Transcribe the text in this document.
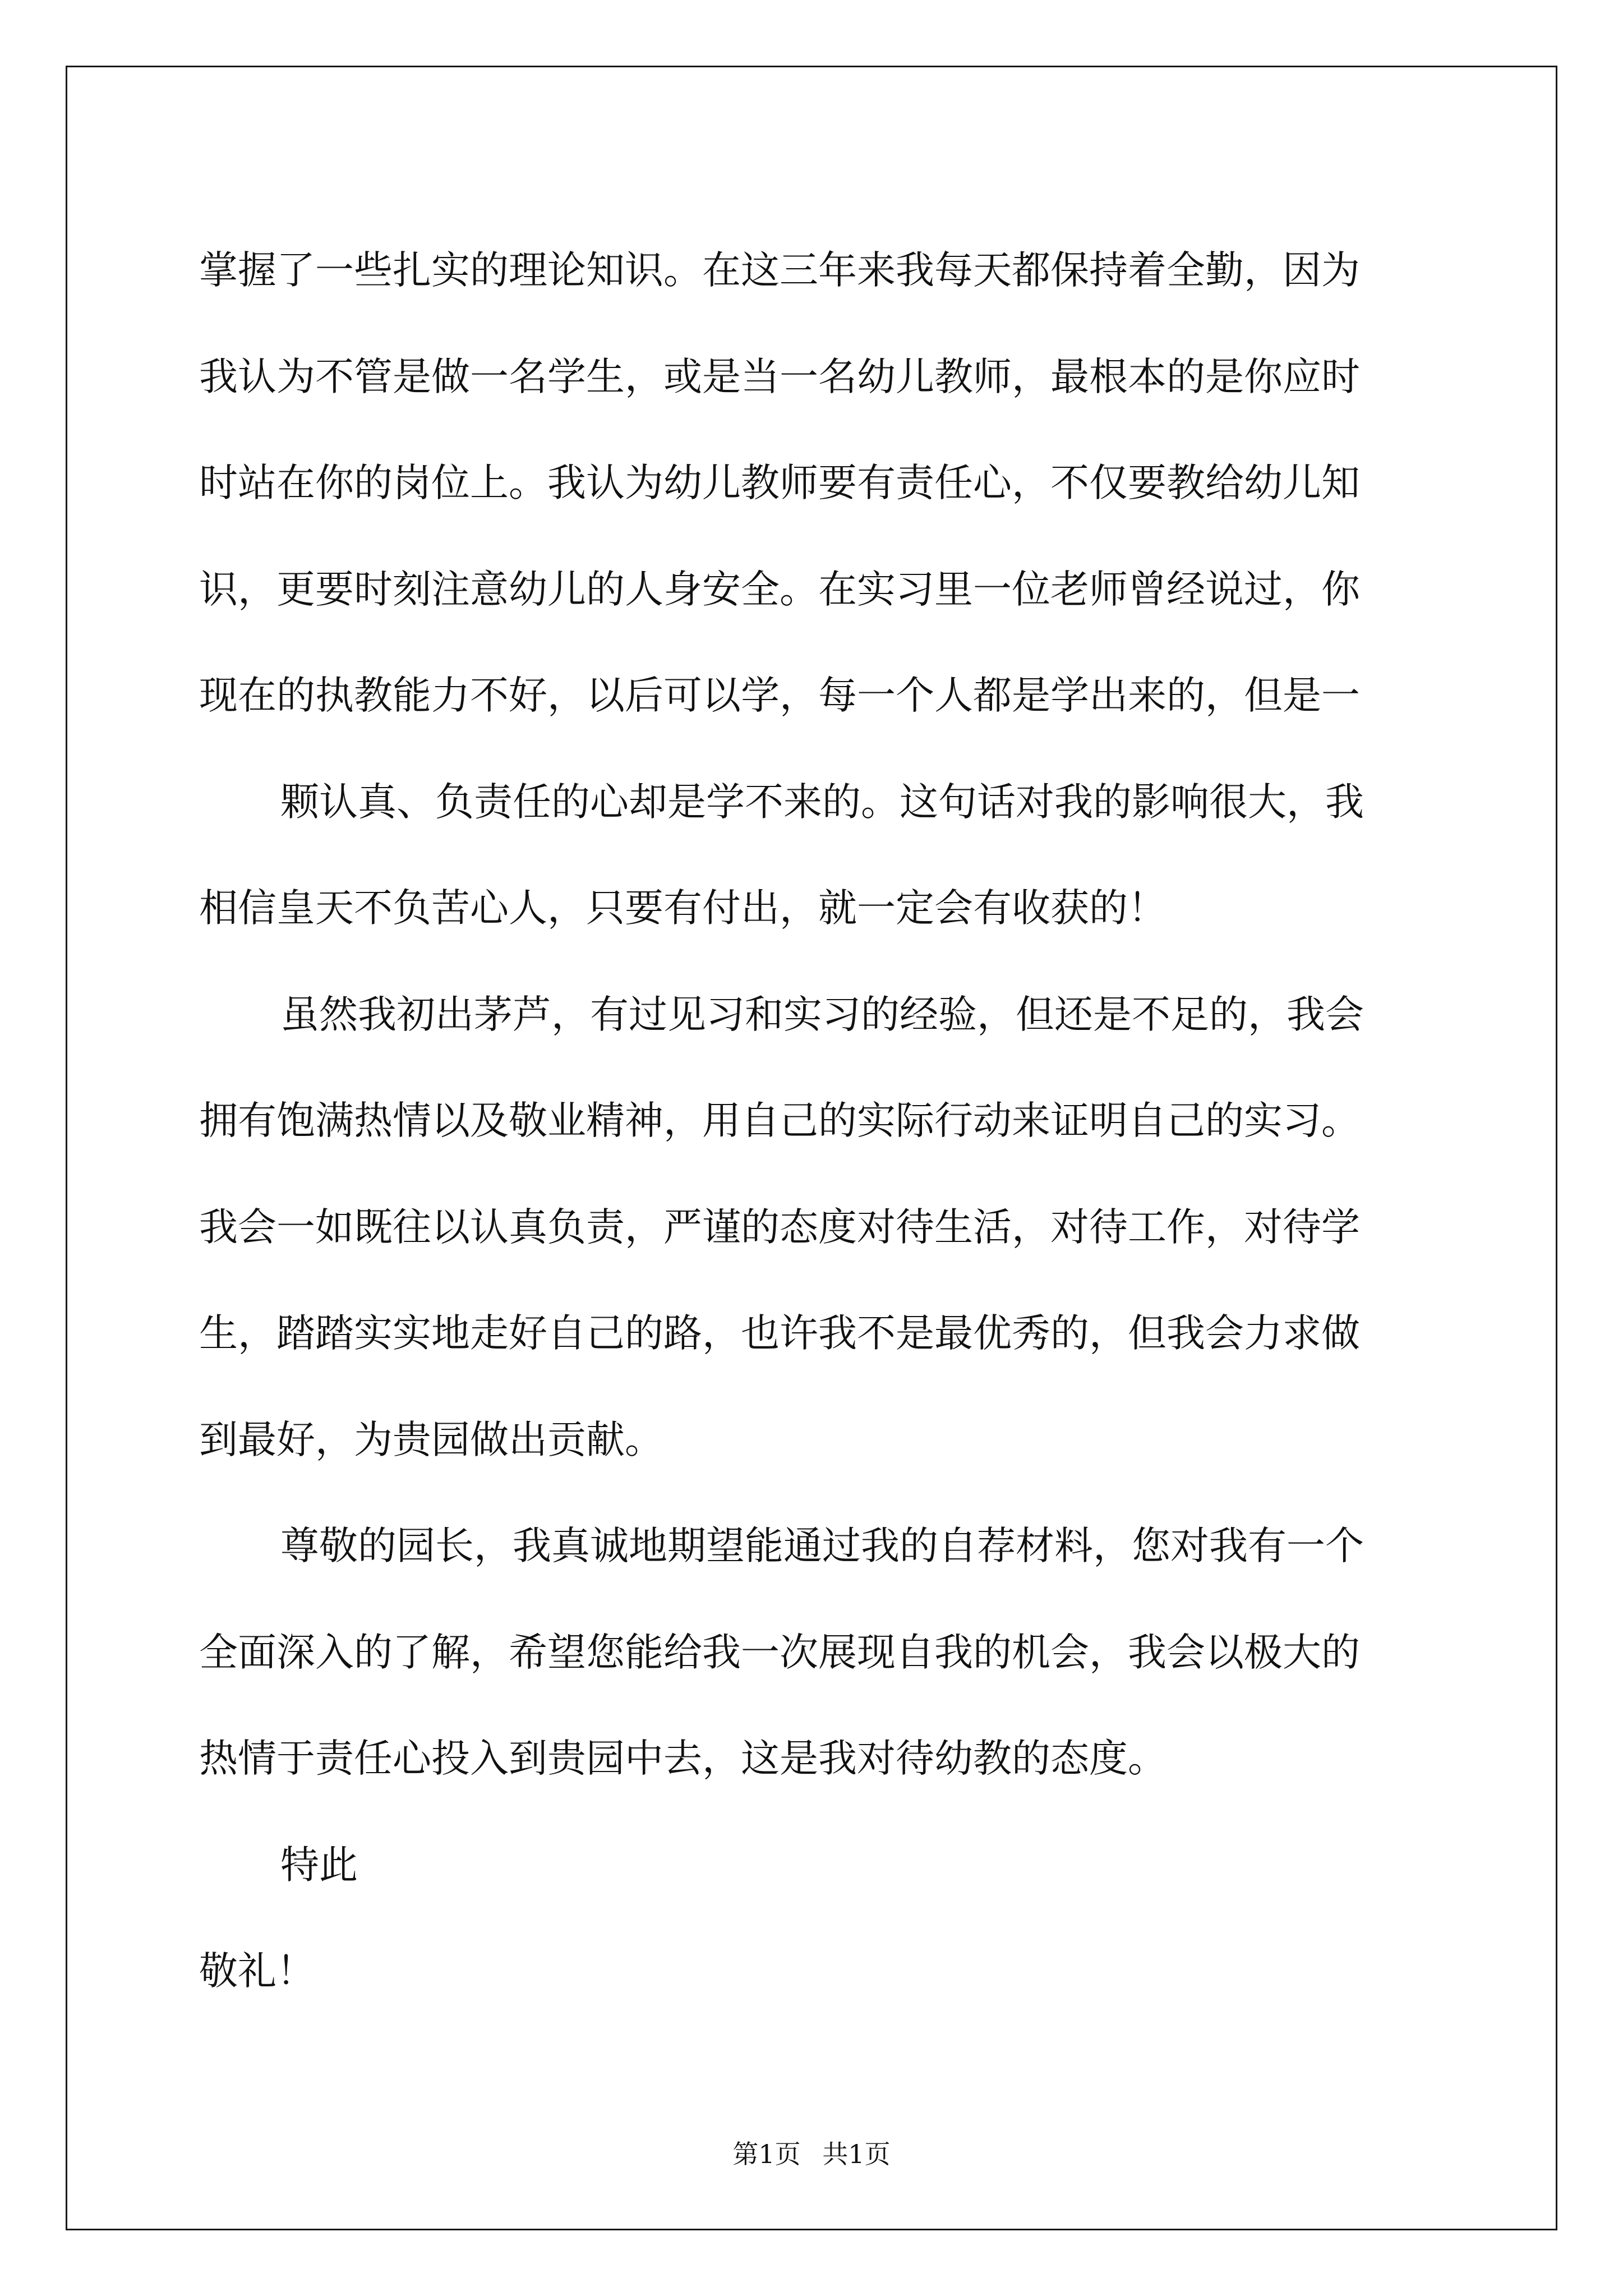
掌握了一些扎实的理论知识。在这三年来我每天都保持着全勤，因为
我认为不管是做一名学生，或是当一名幼儿教师，最根本的是你应时
时站在你的岗位上。我认为幼儿教师要有责任心，不仅要教给幼儿知
识，更要时刻注意幼儿的人身安全。在实习里一位老师曾经说过，你
现在的执教能力不好，以后可以学，每一个人都是学出来的，但是一
颗认真、负责任的心却是学不来的。这句话对我的影响很大，我
相信皇天不负苦心人，只要有付出，就一定会有收获的！
虽然我初出茅芦，有过见习和实习的经验，但还是不足的，我会
拥有饱满热情以及敬业精神，用自己的实际行动来证明自己的实习。
我会一如既往以认真负责，严谨的态度对待生活，对待工作，对待学
生，踏踏实实地走好自己的路，也许我不是最优秀的，但我会力求做
到最好，为贵园做出贡献。
尊敬的园长，我真诚地期望能通过我的自荐材料，您对我有一个
全面深入的了解，希望您能给我一次展现自我的机会，我会以极大的
热情于责任心投入到贵园中去，这是我对待幼教的态度。
特此
敬礼！
第1页 共1页
